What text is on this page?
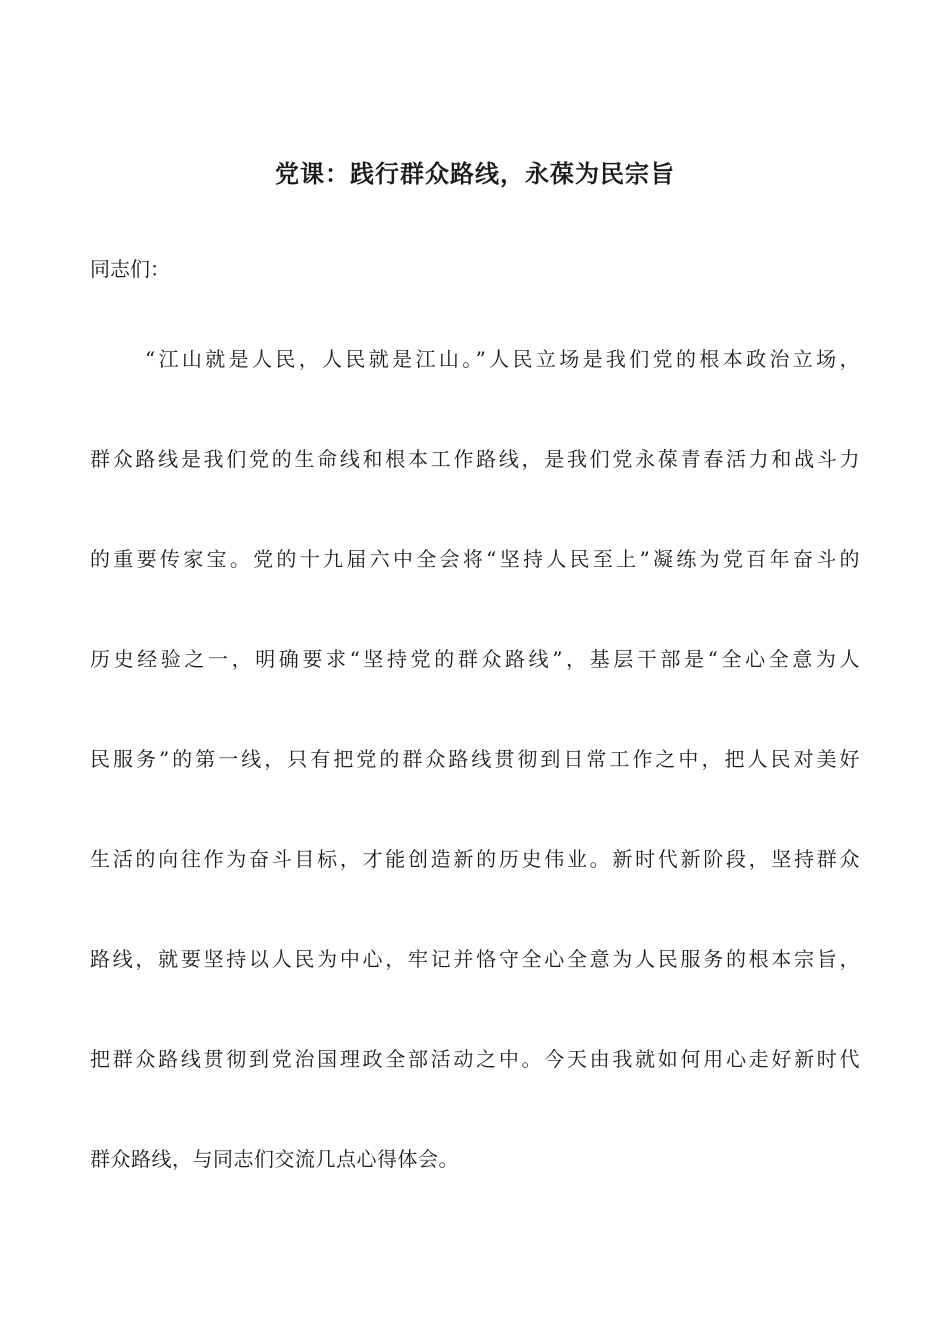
党课：践行群众路线，永葆为民宗旨
同志们：
“江山就是人民，人民就是江山。”人民立场是我们党的根本政治立场，
群众路线是我们党的生命线和根本工作路线，是我们党永葆青春活力和战斗力
的重要传家宝。党的十九届六中全会将“坚持人民至上”凝练为党百年奋斗的
历史经验之一，明确要求“坚持党的群众路线”，基层干部是“全心全意为人
民服务”的第一线，只有把党的群众路线贯彻到日常工作之中，把人民对美好
生活的向往作为奋斗目标，才能创造新的历史伟业。新时代新阶段，坚持群众
路线，就要坚持以人民为中心，牢记并恪守全心全意为人民服务的根本宗旨，
把群众路线贯彻到党治国理政全部活动之中。今天由我就如何用心走好新时代
群众路线，与同志们交流几点心得体会。
